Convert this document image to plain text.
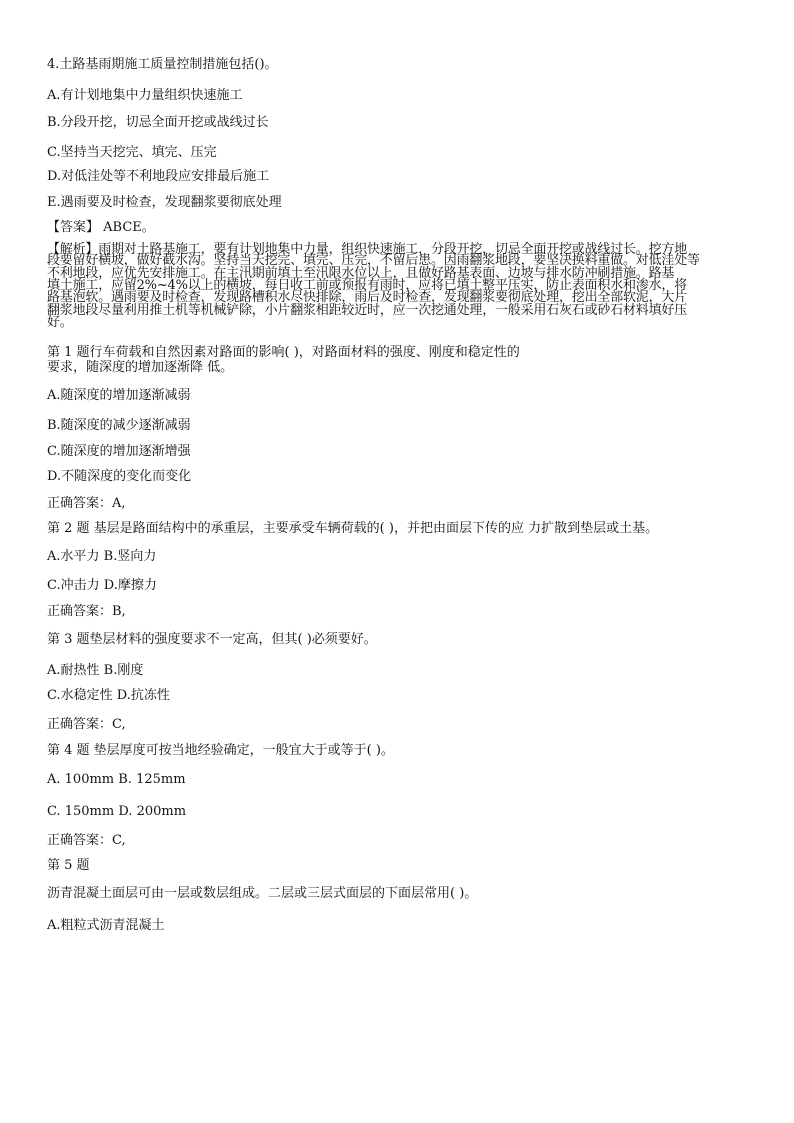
4.土路基雨期施工质量控制措施包括()。
A.有计划地集中力量组织快速施工
B.分段开挖，切忌全面开挖或战线过长
C.坚持当天挖完、填完、压完
D.对低洼处等不利地段应安排最后施工
E.遇雨要及时检查，发现翻浆要彻底处理
【答案】 ABCE。
【解析】雨期对土路基施工，要有计划地集中力量，组织快速施工，分段开挖，切忌全面开挖或战线过长。挖方地
段要留好横坡，做好截水沟。坚持当天挖完、填完、压完，不留后患。因雨翻浆地段，要坚决换料重做。对低洼处等
不利地段，应优先安排施工。在主汛期前填土至汛限水位以上，且做好路基表面、边坡与排水防冲刷措施。路基
填土施工，应留2%~4%以上的横坡，每日收工前或预报有雨时，应将已填土整平压实，防止表面积水和渗水，将
路基泡软。遇雨要及时检查，发现路槽积水尽快排除，雨后及时检查，发现翻浆要彻底处理，挖出全部软泥，大片
翻浆地段尽量利用推土机等机械铲除，小片翻浆相距较近时，应一次挖通处理，一般采用石灰石或砂石材料填好压
好。
第 1 题行车荷载和自然因素对路面的影响( )，对路面材料的强度、刚度和稳定性的
要求，随深度的增加逐渐降 低。
A.随深度的增加逐渐减弱
B.随深度的减少逐渐减弱
C.随深度的增加逐渐增强
D.不随深度的变化而变化
正确答案：A,
第 2 题 基层是路面结构中的承重层，主要承受车辆荷载的( )，并把由面层下传的应 力扩散到垫层或土基。
A.水平力 B.竖向力
C.冲击力 D.摩擦力
正确答案：B,
第 3 题垫层材料的强度要求不一定高，但其( )必须要好。
A.耐热性 B.刚度
C.水稳定性 D.抗冻性
正确答案：C,
第 4 题 垫层厚度可按当地经验确定，一般宜大于或等于( )。
A. 100mm B. 125mm
C. 150mm D. 200mm
正确答案：C,
第 5 题
沥青混凝土面层可由一层或数层组成。二层或三层式面层的下面层常用( )。
A.粗粒式沥青混凝土
